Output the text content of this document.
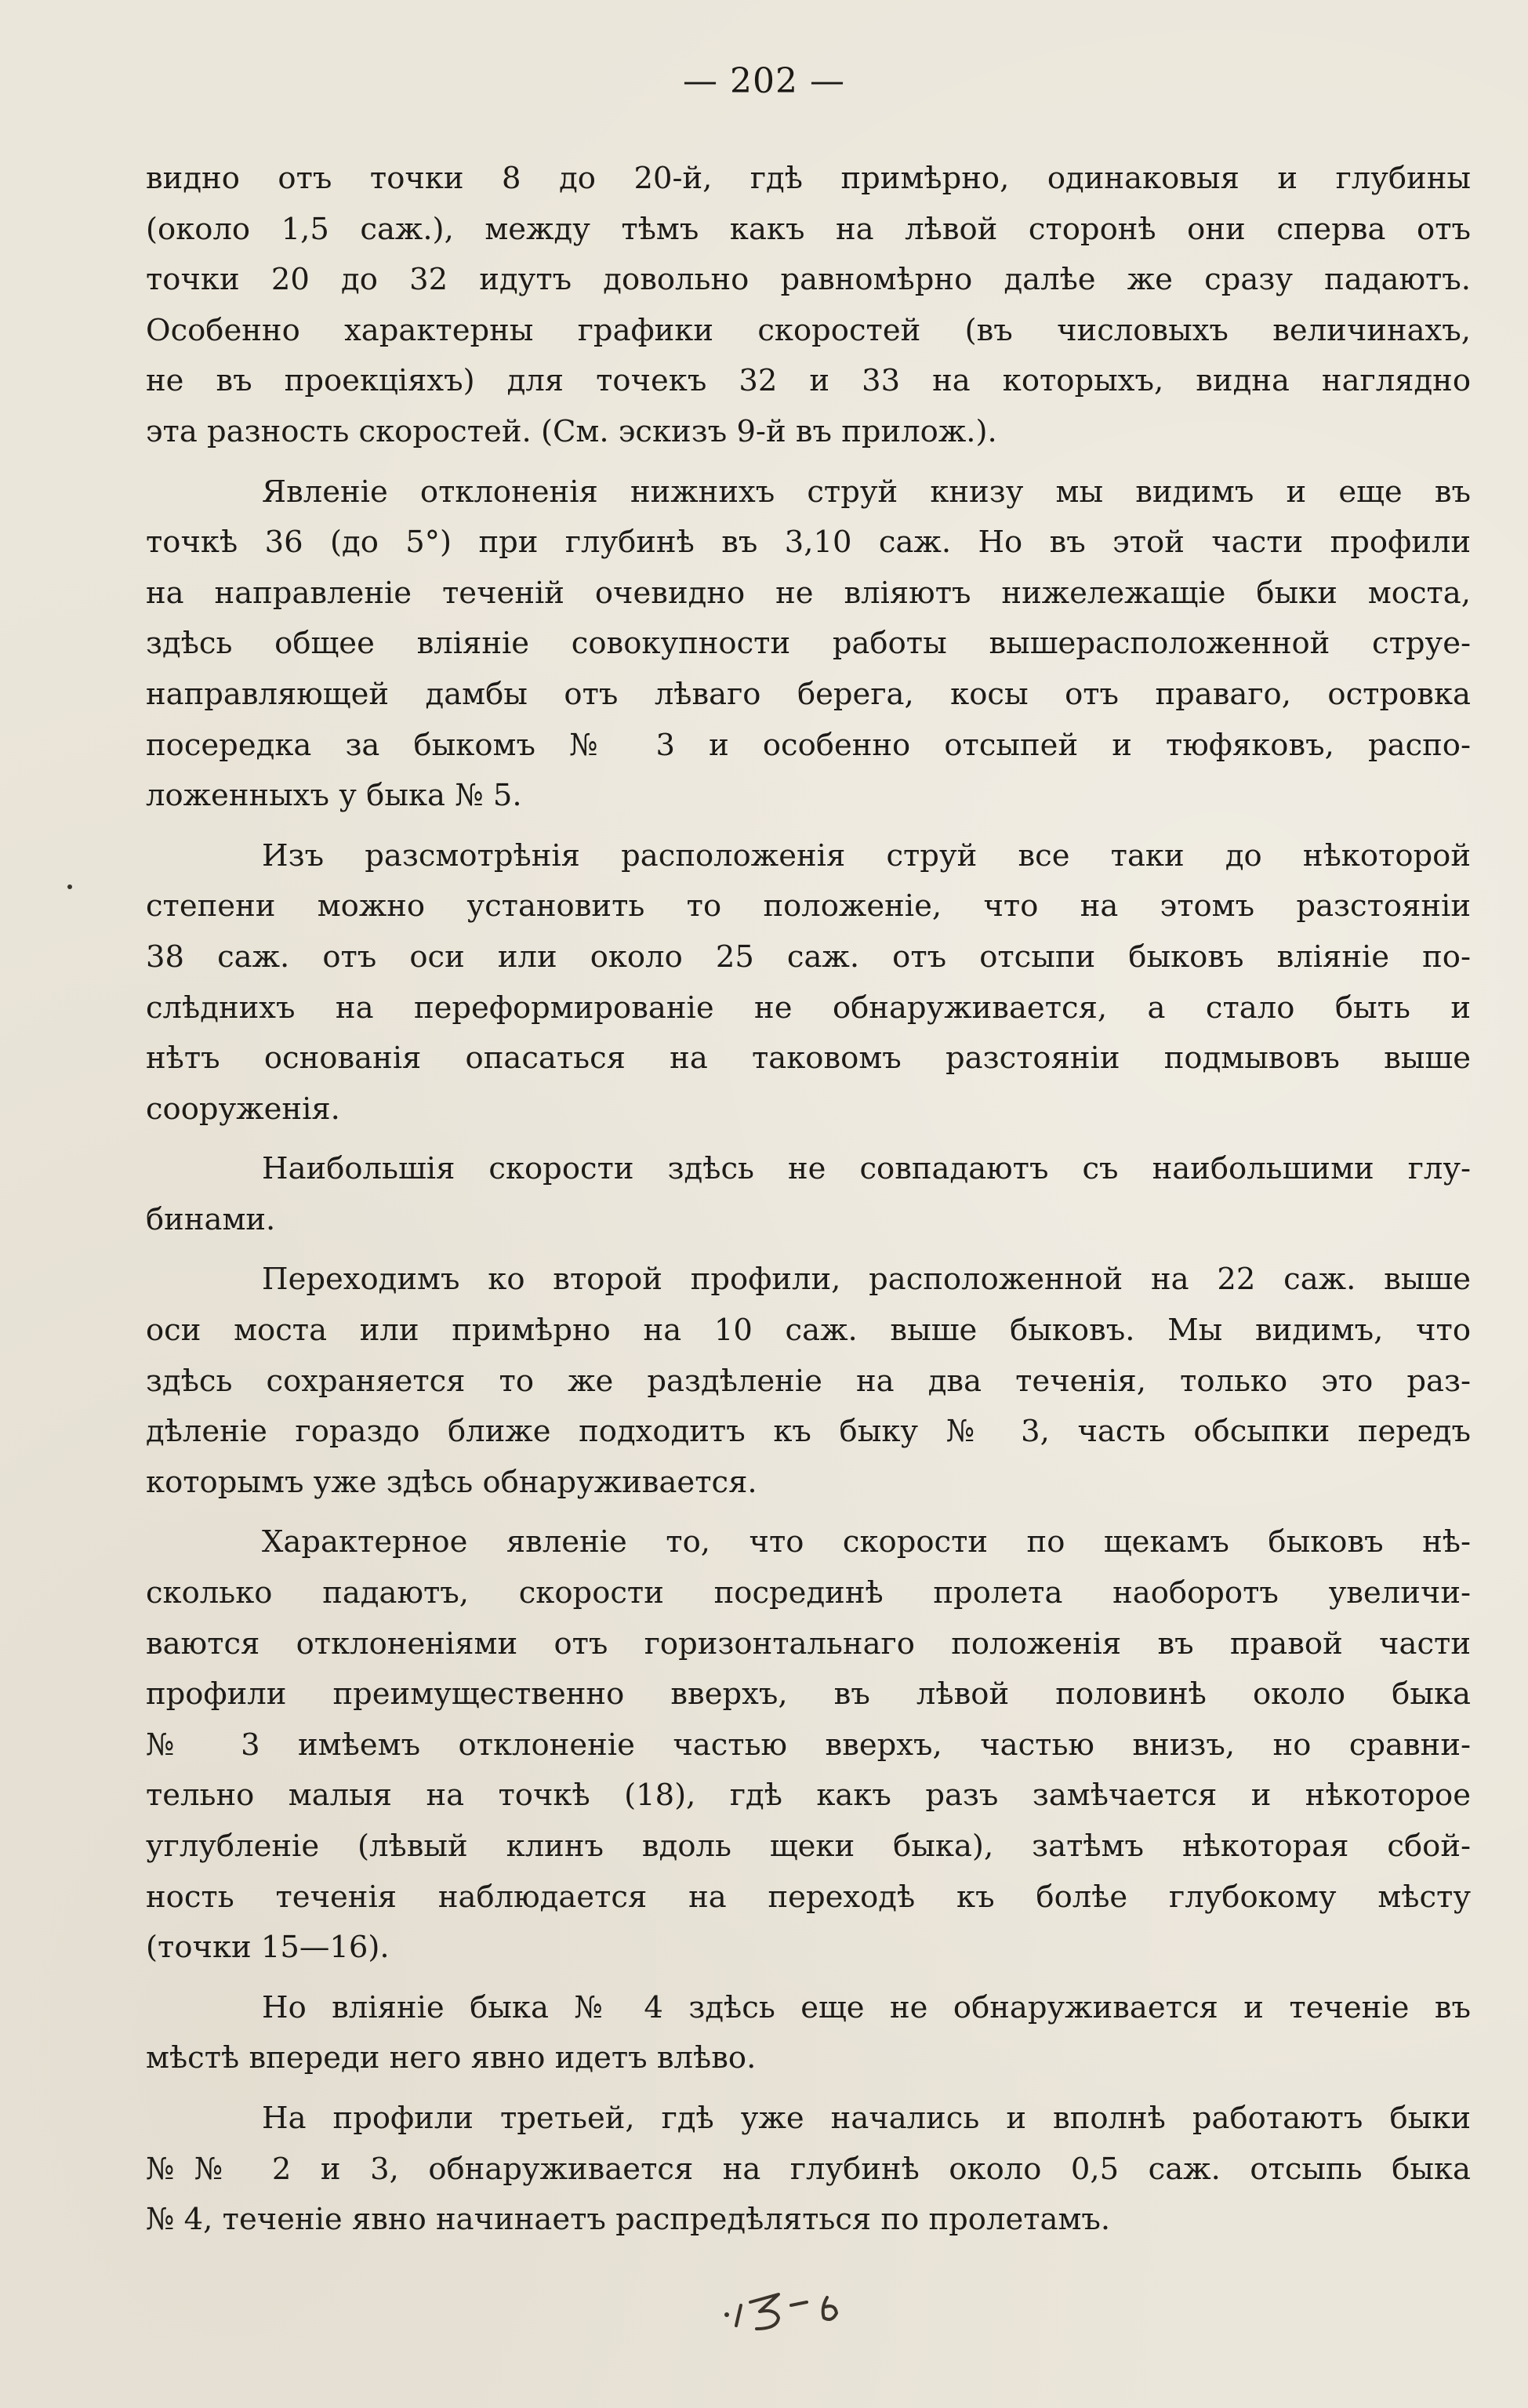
— 202 —

видно отъ точки 8 до 20-й, гдѣ примѣрно, одинаковыя и глубины
(около 1,5 саж.), между тѣмъ какъ на лѣвой сторонѣ они сперва отъ
точки 20 до 32 идутъ довольно равномѣрно далѣе же сразу падаютъ.
Особенно характерны графики скоростей (въ числовыхъ величинахъ,
не въ проекціяхъ) для точекъ 32 и 33 на которыхъ, видна наглядно
эта разность скоростей. (См. эскизъ 9-й въ прилож.).

Явленіе отклоненія нижнихъ струй книзу мы видимъ и еще въ
точкѣ 36 (до 5°) при глубинѣ въ 3,10 саж. Но въ этой части профили
на направленіе теченій очевидно не вліяютъ нижележащіе быки моста,
здѣсь общее вліяніе совокупности работы вышерасположенной струе-
направляющей дамбы отъ лѣваго берега, косы отъ праваго, островка
посередка за быкомъ № 3 и особенно отсыпей и тюфяковъ, распо-
ложенныхъ у быка № 5.

Изъ разсмотрѣнія расположенія струй все таки до нѣкоторой
степени можно установить то положеніе, что на этомъ разстояніи
38 саж. отъ оси или около 25 саж. отъ отсыпи быковъ вліяніе по-
слѣднихъ на переформированіе не обнаруживается, а стало быть и
нѣтъ основанія опасаться на таковомъ разстояніи подмывовъ выше
сооруженія.

Наибольшія скорости здѣсь не совпадаютъ съ наибольшими глу-
бинами.

Переходимъ ко второй профили, расположенной на 22 саж. выше
оси моста или примѣрно на 10 саж. выше быковъ. Мы видимъ, что
здѣсь сохраняется то же раздѣленіе на два теченія, только это раз-
дѣленіе гораздо ближе подходитъ къ быку № 3, часть обсыпки передъ
которымъ уже здѣсь обнаруживается.

Характерное явленіе то, что скорости по щекамъ быковъ нѣ-
сколько падаютъ, скорости посрединѣ пролета наоборотъ увеличи-
ваются отклоненіями отъ горизонтальнаго положенія въ правой части
профили преимущественно вверхъ, въ лѣвой половинѣ около быка
№ 3 имѣемъ отклоненіе частью вверхъ, частью внизъ, но сравни-
тельно малыя на точкѣ (18), гдѣ какъ разъ замѣчается и нѣкоторое
углубленіе (лѣвый клинъ вдоль щеки быка), затѣмъ нѣкоторая сбой-
ность теченія наблюдается на переходѣ къ болѣе глубокому мѣсту
(точки 15—16).

Но вліяніе быка № 4 здѣсь еще не обнаруживается и теченіе въ
мѣстѣ впереди него явно идетъ влѣво.

На профили третьей, гдѣ уже начались и вполнѣ работаютъ быки
№№ 2 и 3, обнаруживается на глубинѣ около 0,5 саж. отсыпь быка
№ 4, теченіе явно начинаетъ распредѣляться по пролетамъ.
